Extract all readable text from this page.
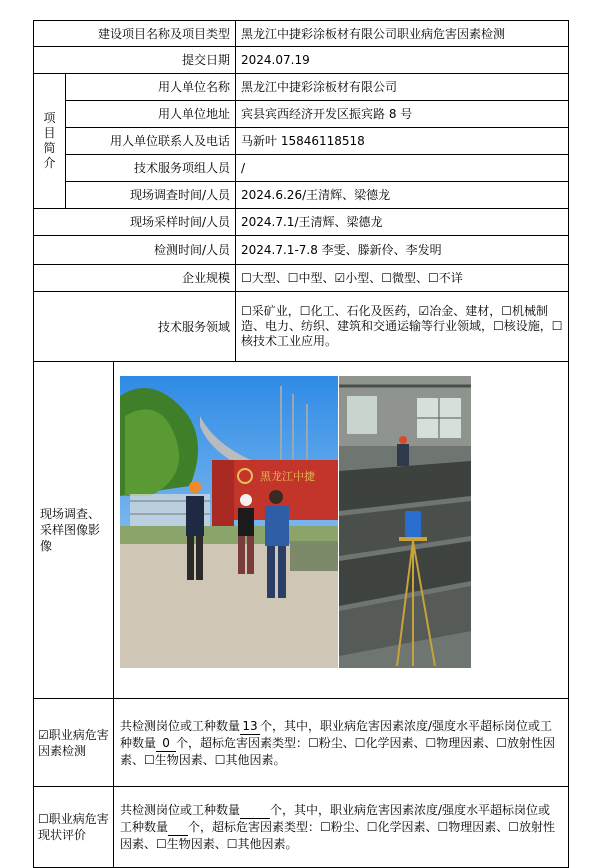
建设项目名称及项目类型			黑龙江中捷彩涂板材有限公司职业病危害因素检测
提交日期			2024.07.19

项目简介	用人单位名称		黑龙江中捷彩涂板材有限公司
	用人单位地址		宾县宾西经济开发区振宾路 8 号
	用人单位联系人及电话		马新叶 15846118518
	技术服务项组人员		/
	现场调查时间/人员		2024.6.26/王清辉、梁德龙
现场采样时间/人员			2024.7.1/王清辉、梁德龙
检测时间/人员			2024.7.1-7.8 李雯、滕新伶、李发明
企业规模			☐大型、☐中型、☑小型、☐微型、☐不详
技术服务领域			☐采矿业，☐化工、石化及医药，☑冶金、建材，☐机械制造、电力、纺织、建筑和交通运输等行业领域，☐核设施，☐核技术工业应用。
现场调查、采样图像影像		黑龙江中捷	

☑职业病危害因素检测		共检测岗位或工种数量 13 个，其中，职业病危害因素浓度/强度水平超标岗位或工种数量 0 个，超标危害因素类型：☐粉尘、☐化学因素、☐物理因素、☐放射性因素、☐生物因素、☐其他因素。	
☐职业病危害现状评价		共检测岗位或工种数量 个，其中，职业病危害因素浓度/强度水平超标岗位或工种数量 个，超标危害因素类型：☐粉尘、☐化学因素、☐物理因素、☐放射性因素、☐生物因素、☐其他因素。	
